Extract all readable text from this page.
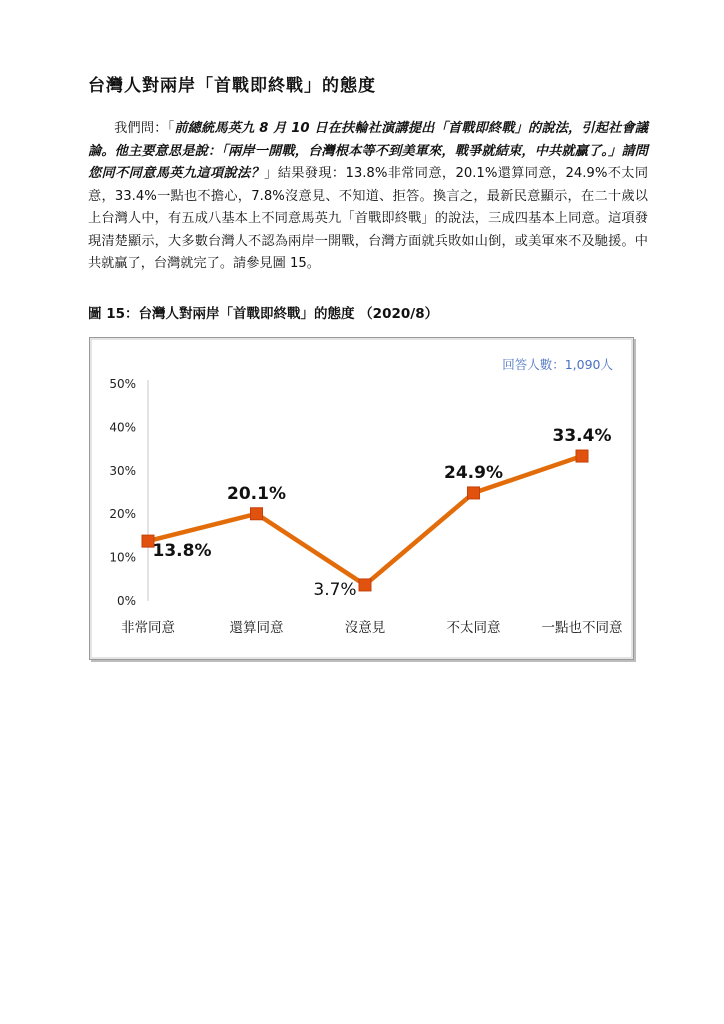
台灣人對兩岸「首戰即終戰」的態度

我們問：「前總統馬英九 8 月 10 日在扶輪社演講提出「首戰即終戰」的說法，引起社會議論。他主要意思是說：「兩岸一開戰，台灣根本等不到美軍來，戰爭就結束，中共就贏了。」請問您同不同意馬英九這項說法？」結果發現：13.8%非常同意，20.1%還算同意，24.9%不太同意，33.4%一點也不擔心，7.8%沒意見、不知道、拒答。換言之，最新民意顯示，在二十歲以上台灣人中，有五成八基本上不同意馬英九「首戰即終戰」的說法，三成四基本上同意。這項發現清楚顯示，大多數台灣人不認為兩岸一開戰，台灣方面就兵敗如山倒，或美軍來不及馳援。中共就贏了，台灣就完了。請參見圖 15。

圖 15：台灣人對兩岸「首戰即終戰」的態度 （2020/8）

回答人數：1,090人
0%
10%
20%
30%
40%
50%
非常同意	還算同意	沒意見	不太同意	一點也不同意
13.8%
20.1%
3.7%
24.9%
33.4%
